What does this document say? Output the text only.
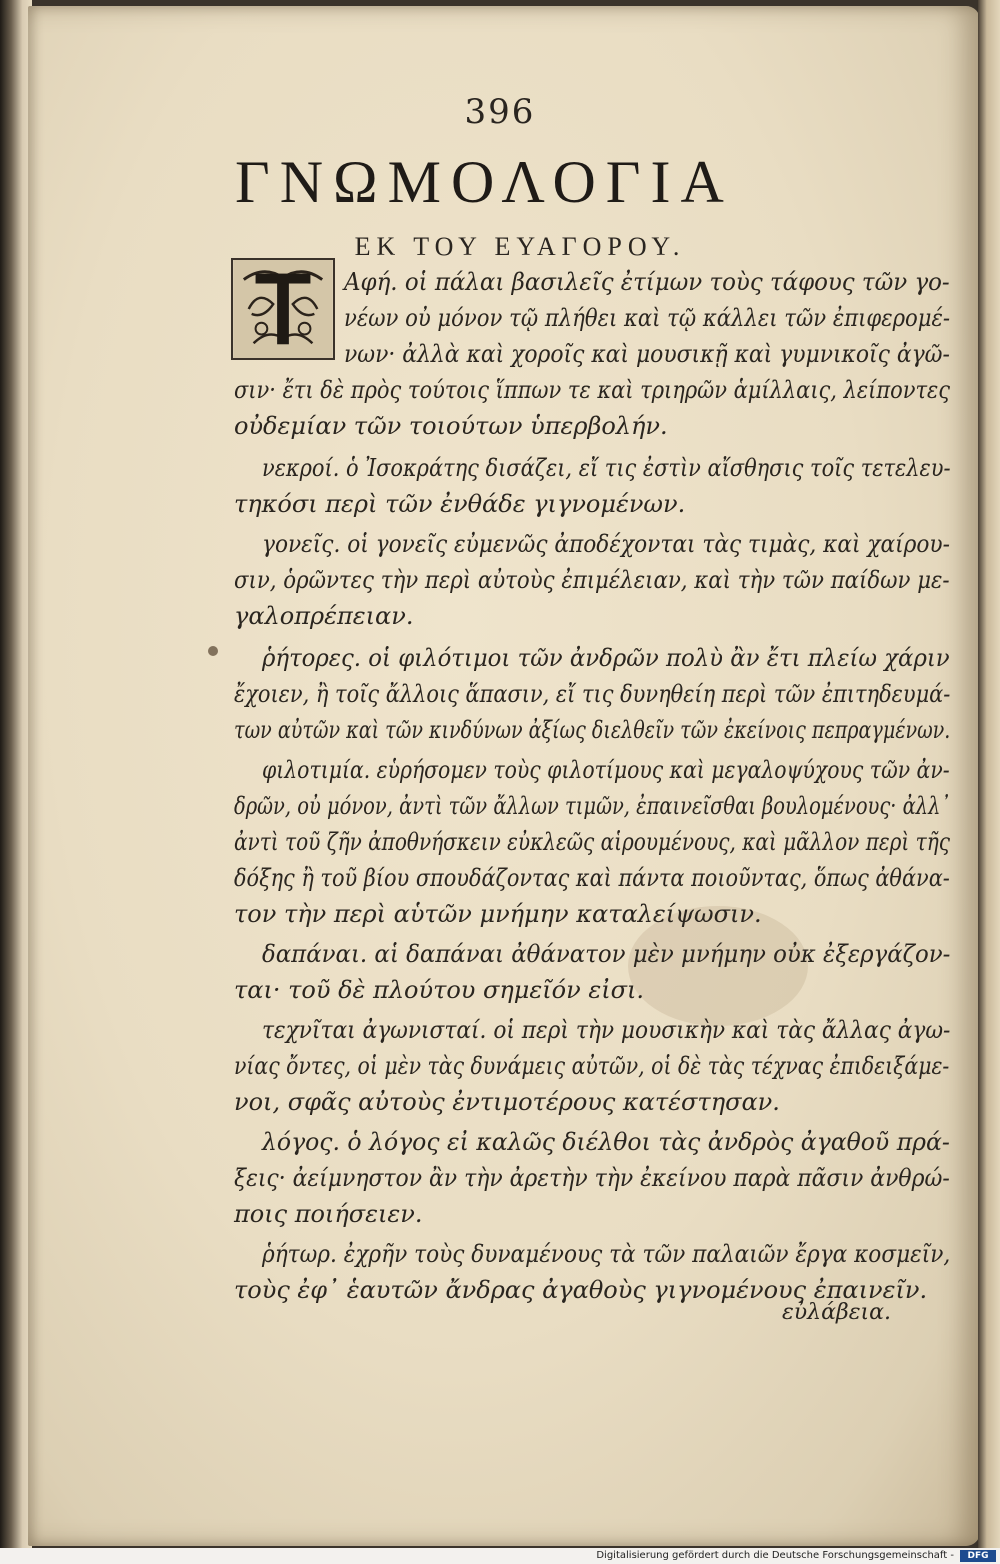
396
ΓΝΩΜΟΛΟΓΙΑ
ΕΚ ΤΟΥ ΕΥΑΓΟΡΟΥ.
Αφή. οἱ πάλαι βασιλεῖς ἐτίμων τοὺς τάφους τῶν γο-
νέων οὐ μόνον τῷ πλήθει καὶ τῷ κάλλει τῶν ἐπιφερομέ-
νων· ἀλλὰ καὶ χοροῖς καὶ μουσικῇ καὶ γυμνικοῖς ἀγῶ-
σιν· ἔτι δὲ πρὸς τούτοις ἵππων τε καὶ τριηρῶν ἁμίλλαις, λείποντες
οὐδεμίαν τῶν τοιούτων ὑπερβολήν.
νεκροί. ὁ Ἰσοκράτης δισάζει, εἴ τις ἐστὶν αἴσθησις τοῖς τετελευ-
τηκόσι περὶ τῶν ἐνθάδε γιγνομένων.
γονεῖς. οἱ γονεῖς εὐμενῶς ἀποδέχονται τὰς τιμὰς, καὶ χαίρου-
σιν, ὁρῶντες τὴν περὶ αὐτοὺς ἐπιμέλειαν, καὶ τὴν τῶν παίδων με-
γαλοπρέπειαν.
ῥήτορες. οἱ φιλότιμοι τῶν ἀνδρῶν πολὺ ἂν ἔτι πλείω χάριν
ἔχοιεν, ἢ τοῖς ἄλλοις ἅπασιν, εἴ τις δυνηθείη περὶ τῶν ἐπιτηδευμά-
των αὐτῶν καὶ τῶν κινδύνων ἀξίως διελθεῖν τῶν ἐκείνοις πεπραγμένων.
φιλοτιμία. εὑρήσομεν τοὺς φιλοτίμους καὶ μεγαλοψύχους τῶν ἀν-
δρῶν, οὐ μόνον, ἀντὶ τῶν ἄλλων τιμῶν, ἐπαινεῖσθαι βουλομένους· ἀλλ᾽
ἀντὶ τοῦ ζῆν ἀποθνήσκειν εὐκλεῶς αἱρουμένους, καὶ μᾶλλον περὶ τῆς
δόξης ἢ τοῦ βίου σπουδάζοντας καὶ πάντα ποιοῦντας, ὅπως ἀθάνα-
τον τὴν περὶ αὑτῶν μνήμην καταλείψωσιν.
δαπάναι. αἱ δαπάναι ἀθάνατον μὲν μνήμην οὐκ ἐξεργάζον-
ται· τοῦ δὲ πλούτου σημεῖόν εἰσι.
τεχνῖται ἀγωνισταί. οἱ περὶ τὴν μουσικὴν καὶ τὰς ἄλλας ἀγω-
νίας ὄντες, οἱ μὲν τὰς δυνάμεις αὐτῶν, οἱ δὲ τὰς τέχνας ἐπιδειξάμε-
νοι, σφᾶς αὐτοὺς ἐντιμοτέρους κατέστησαν.
λόγος. ὁ λόγος εἰ καλῶς διέλθοι τὰς ἀνδρὸς ἀγαθοῦ πρά-
ξεις· ἀείμνηστον ἂν τὴν ἀρετὴν τὴν ἐκείνου παρὰ πᾶσιν ἀνθρώ-
ποις ποιήσειεν.
ῥήτωρ. ἐχρῆν τοὺς δυναμένους τὰ τῶν παλαιῶν ἔργα κοσμεῖν,
τοὺς ἐφ᾽ ἑαυτῶν ἄνδρας ἀγαθοὺς γιγνομένους ἐπαινεῖν.
εὐλάβεια.
Digitalisierung gefördert durch die Deutsche Forschungsgemeinschaft -	DFG
